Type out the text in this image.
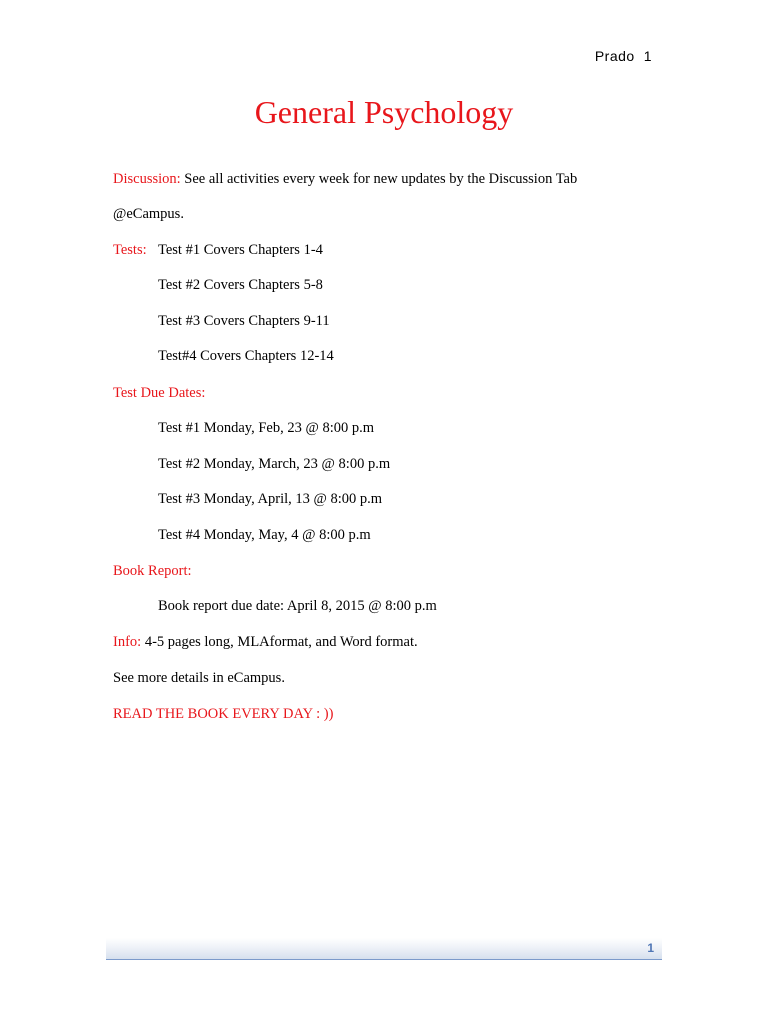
Prado 1
General Psychology
Discussion: See all activities every week for new updates by the Discussion Tab
@eCampus.
Tests: Test #1 Covers Chapters 1-4
Test #2 Covers Chapters 5-8
Test #3 Covers Chapters 9-11
Test#4 Covers Chapters 12-14
Test Due Dates:
Test #1 Monday, Feb, 23 @ 8:00 p.m
Test #2 Monday, March, 23 @ 8:00 p.m
Test #3 Monday, April, 13 @ 8:00 p.m
Test #4 Monday, May, 4 @ 8:00 p.m
Book Report:
Book report due date: April 8, 2015 @ 8:00 p.m
Info: 4-5 pages long, MLAformat, and Word format.
See more details in eCampus.
READ THE BOOK EVERY DAY : ))
1
